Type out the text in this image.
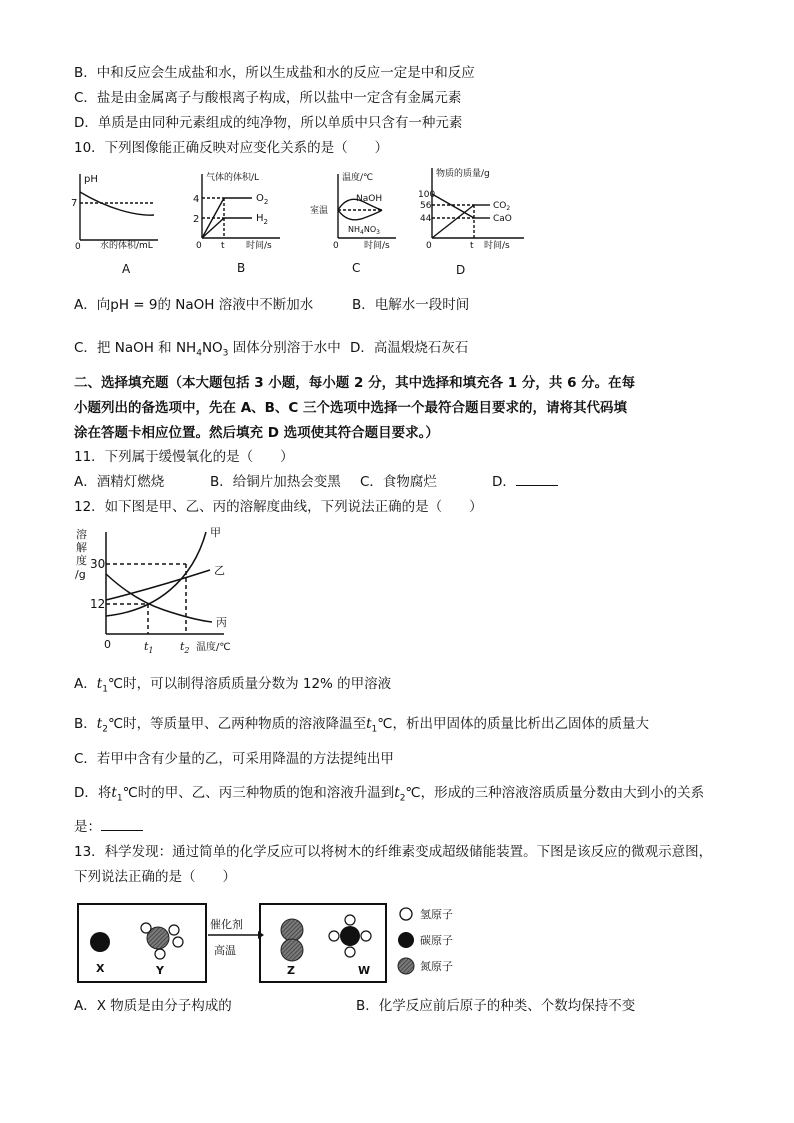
B．中和反应会生成盐和水，所以生成盐和水的反应一定是中和反应
C．盐是由金属离子与酸根离子构成，所以盐中一定含有金属元素
D．单质是由同种元素组成的纯净物，所以单质中只含有一种元素
10．下列图像能正确反映对应变化关系的是（　　）
pH
7
0 水的体积/mL
A
气体的体积/L
4
2
0 t 时间/s
$O_2$
$H_2$
B
温度/℃
室温
NaOH
$NH_4NO_3$
0	时间/s
C
物质的质量/g
100
56
44
0	t 时间/s
$CO_2$
CaO
D
A．向pH = 9的 NaOH 溶液中不断加水	B．电解水一段时间
C．把 NaOH 和 $NH_4NO_3$ 固体分别溶于水中 D．高温煅烧石灰石
二、选择填充题（本大题包括 3 小题，每小题 2 分，其中选择和填充各 1 分，共 6 分。在每
小题列出的备选项中，先在 A、B、C 三个选项中选择一个最符合题目要求的，请将其代码填
涂在答题卡相应位置。然后填充 D 选项使其符合题目要求。）
11．下列属于缓慢氧化的是（　　）
A．酒精灯燃烧	B．给铜片加热会变黑 C．食物腐烂	D．
12．如下图是甲、乙、丙的溶解度曲线，下列说法正确的是（　　）
溶
解
度
/g
30
12
0	$t_1$ $t_2$ 温度/℃
甲
乙
丙
A．$t_1℃$时，可以制得溶质质量分数为 12% 的甲溶液
B．$t_2℃$时，等质量甲、乙两种物质的溶液降温至$t_1℃$，析出甲固体的质量比析出乙固体的质量大
C．若甲中含有少量的乙，可采用降温的方法提纯出甲
D．将$t_1℃$时的甲、乙、丙三种物质的饱和溶液升温到$t_2℃$，形成的三种溶液溶质质量分数由大到小的关系
是：
13．科学发现：通过简单的化学反应可以将树木的纤维素变成超级储能装置。下图是该反应的微观示意图，
下列说法正确的是（　　）
X	Y
催化剂
高温
Z	W
氢原子
碳原子
氮原子
A．X 物质是由分子构成的	B．化学反应前后原子的种类、个数均保持不变
